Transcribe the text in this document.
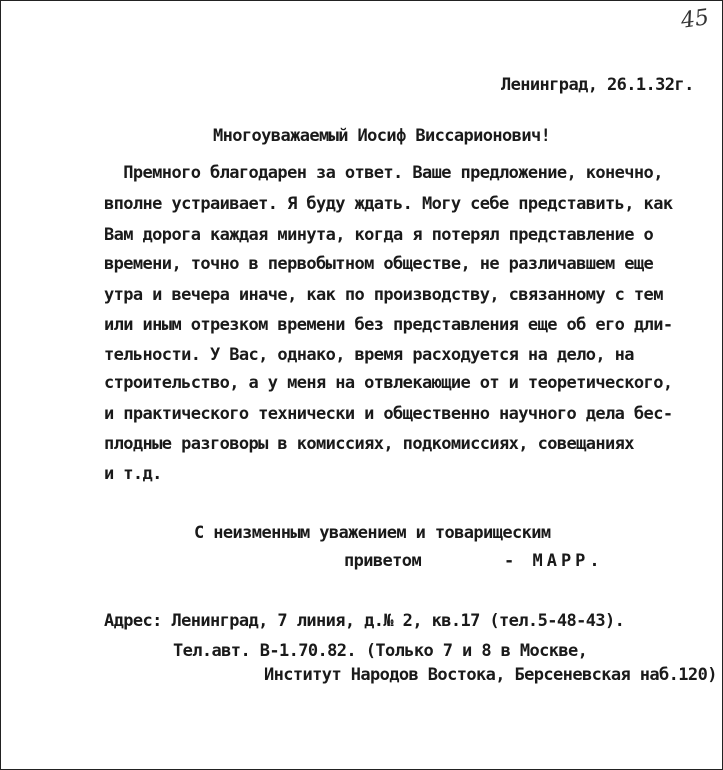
45
Ленинград, 26.1.32г.
Многоуважаемый Иосиф Виссарионович!
Премного благодарен за ответ. Ваше предложение, конечно,
вполне устраивает. Я буду ждать. Могу себе представить, как
Вам дорога каждая минута, когда я потерял представление о
времени, точно в первобытном обществе, не различавшем еще
утра и вечера иначе, как по производству, связанному с тем
или иным отрезком времени без представления еще об его дли-
тельности. У Вас, однако, время расходуется на дело, на
строительство, а у меня на отвлекающие от и теоретического,
и практического технически и общественно научного дела бес-
плодные разговоры в комиссиях, подкомиссиях, совещаниях
и т.д.
С неизменным уважением и товарищеским
приветом	- МАРР.
Адрес: Ленинград, 7 линия, д.№ 2, кв.17 (тел.5-48-43).
Тел.авт. В-1.70.82. (Только 7 и 8 в Москве,
Институт Народов Востока, Берсеневская наб.120)
